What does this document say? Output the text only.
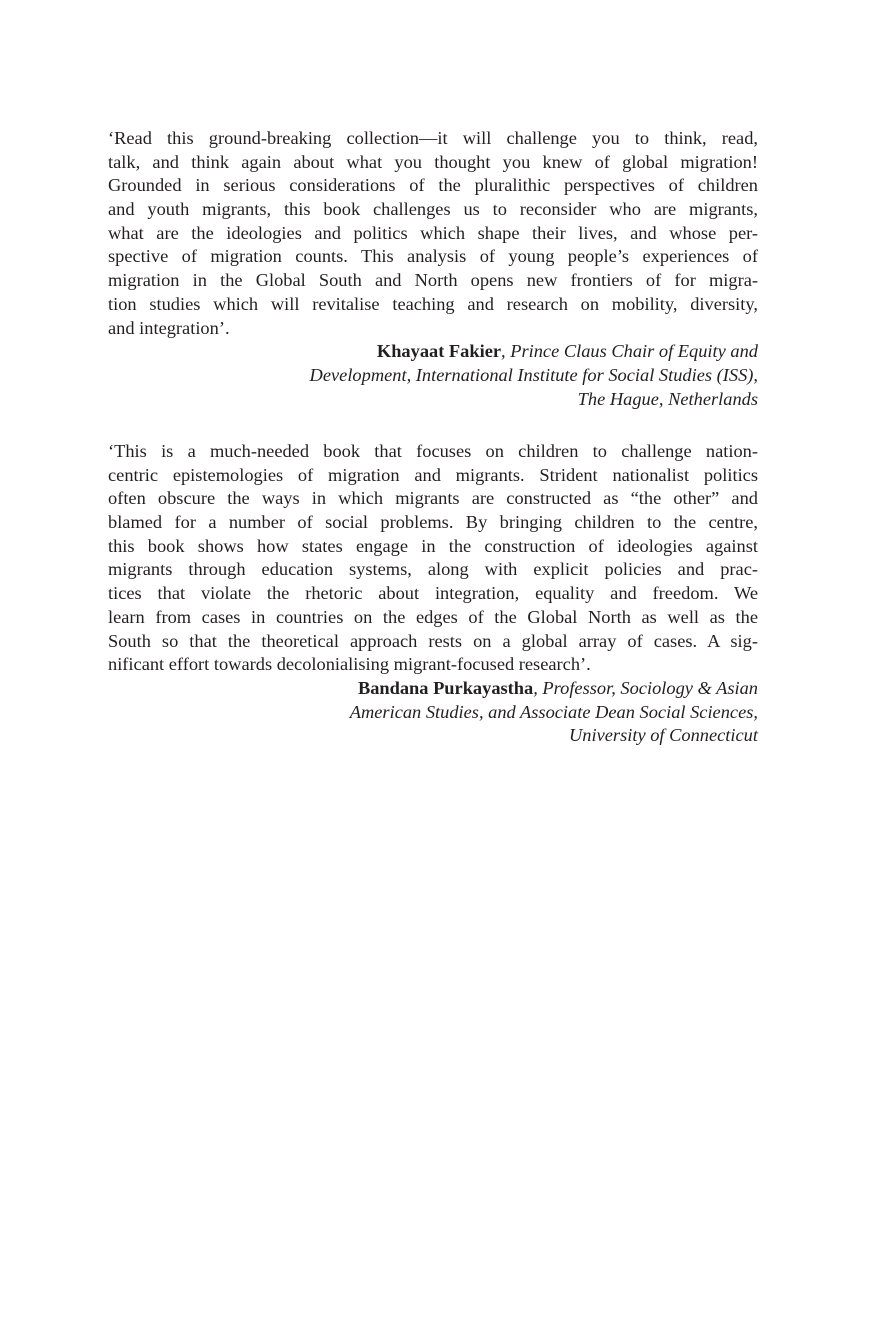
‘Read this ground-breaking collection—it will challenge you to think, read,
talk, and think again about what you thought you knew of global migration!
Grounded in serious considerations of the pluralithic perspectives of children
and youth migrants, this book challenges us to reconsider who are migrants,
what are the ideologies and politics which shape their lives, and whose per-
spective of migration counts. This analysis of young people’s experiences of
migration in the Global South and North opens new frontiers of for migra-
tion studies which will revitalise teaching and research on mobility, diversity,
and integration’.
Khayaat Fakier, Prince Claus Chair of Equity and
Development, International Institute for Social Studies (ISS),
The Hague, Netherlands
‘This is a much-needed book that focuses on children to challenge nation-
centric epistemologies of migration and migrants. Strident nationalist politics
often obscure the ways in which migrants are constructed as “the other” and
blamed for a number of social problems. By bringing children to the centre,
this book shows how states engage in the construction of ideologies against
migrants through education systems, along with explicit policies and prac-
tices that violate the rhetoric about integration, equality and freedom. We
learn from cases in countries on the edges of the Global North as well as the
South so that the theoretical approach rests on a global array of cases. A sig-
nificant effort towards decolonialising migrant-focused research’.
Bandana Purkayastha, Professor, Sociology & Asian
American Studies, and Associate Dean Social Sciences,
University of Connecticut
